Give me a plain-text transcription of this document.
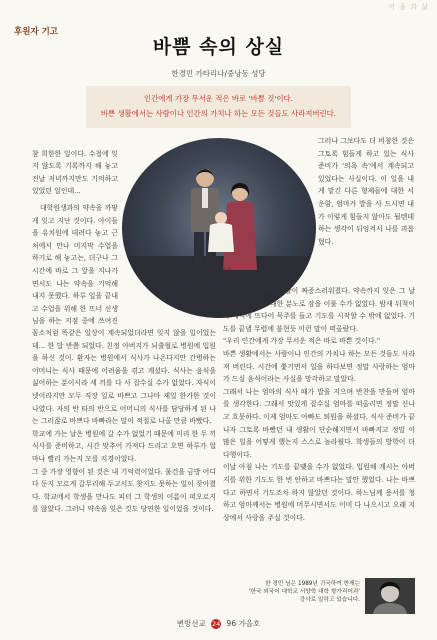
여 울 과 삶
후원자 기고
바쁨 속의 상실
한경민 가타리나/중낭동 성당
인간에게 가장 무서운 적은 바로 '바쁨 것'이다.
바쁜 생활에서는 사람이나 인간의 가치나 하는 모든 것들도 사라져버린다.

참 희한한 일이다. 수첩에 잊지 않도록 기록까지 해 놓고 전날 저녁까지만도 기억하고 있었던 일인데...

대학원생과의 약속을 까맣게 잊고 지난 것이다. 아이들을 유치원에 데려다 놓고 근처에서 만나 미지막 수업을 하기로 해 놓고는, 더구나 그 시간에 바로 그 앞을 지나가면서도 나는 약속을 기억해 내지 못했다. 하루 일을 끝내고 수업을 위해 한 뜨너 선생님을 하는 지점 중에 쓰여진

둘째아이 영세 때 찍은
네 식구가 기념촬영
꼼소처럼 똑같은 일상이 계속되었더라면 잊지 않을 일이었는데... 한 달 반쯤 되었다. 친정 아버지가 뇌출혈로 병원에 입원을 하신 것이. 환자는 병원에서 식사가 나온다지만 간병하는 어머니는 식사 때문에 어려움을 겪고 계셨다. 식사는 음식을 싫어하는 분이시라 세 끼를 다 사 잡수실 수가 없었다. 자식이 넷이라지만 모두 직장 일로 바쁘고 그나마 제일 한가한 것이 나였다. 자의 반 타의 반으로 어머니의 식사를 담당하게 된 나는 그러잖로 바쁘다 바빠라는 말이 적절로 나올 만큼 바빴다.
학교에 가는 날은 병원에 갈 수가 없었기 때문에 미리 한 두 끼 식사를 준비하고, 시간 맞추어 가져다 드리고 오면 하루가 얼마나 빨리 가는지 모를 지경이었다.
그 중 가장 영향이 된 것은 내 기억력이었다. 물건을 금방 어디다 둔지 모르게 갈무리해 두고서도 찾지도 못하는 일이 잦아졌다. 학교에서 학생을 만나도 피터 그 학생의 이름이 떠오르지를 않았다. 그러니 약속을 잊은 것도 당연한 일이었을 것이다.
그러나 그보다도 더 비참한 것은 그토록 힘들게 하고 있는 식사 준비가 '의욕 속'에서 계속되고 있었다는 사실이다. 이 일을 내게 맡긴 다른 형제들에 대한 서운함, 엄마가 밥을 사 드시면 내가 이렇게 힘들지 않아도 될텐데 하는 생각이 뒤엉켜서 나를 괴롭혔다.
그러다 보니 자연 생활이 짜증스러워졌다. 약속까지 잊은 그 날은 정말 자신에 대한 분노로 잠을 이룰 수가 없었다. 밤새 뒤척이다 새벽에 뜨다어 묵주를 들고 기도를 시작할 수 밖에 없었다. 기도를 끝낼 무렵에 불현듯 이런 말이 떠올랐다.
"우리 인간에게 가장 무서운 적은 바로 바쁜 것이다."
바쁜 생활에서는 사람이나 인간의 가치나 하는 모든 것들도 사라져 버린다. 시간에 쫓기면서 일을 하다보면 정말 사랑하는 엄마가 드실 음식이라는 사실을 망각하고 말았다.
그래서 나는 엄마의 식사 때가 밥을 지으며 반찬을 만들며 엄마를 생각한다. 그래서 맛있게 잡수실 엄마를 떠올리면 정말 신나고 흐뭇하다. 이제 엄마도 아빠도 퇴원을 하셨다. 식사 준비가 끝나자 그토록 바빴던 내 생활이 단순해지면서 바빠지고 정말 이 많은 일을 어떻게 했는지 스스로 놀라웠다. 학생들의 방학이 더 다행이다.
이날 아침 나는 기도를 끝맺을 수가 없었다. 입원해 계시는 아버지를 위한 기도도 한 번 안하고 바쁘다는 말만 했었다. 나는 바쁘다고 하면서 기도조차 하지 않았던 것이다. 하느님께 용서를 청하고 엄마께서는 병원에 머무시면서도 이미 다 나으시고 오래 지상에서 사랑을 주실 것이다.
한 경민 님은 1989년 귀국하여 현재는
'한국 외국어 대학교 서양학 대학 항가리어과'
강사로 일하고 있습니다.
변방선교 24 96 가을호
